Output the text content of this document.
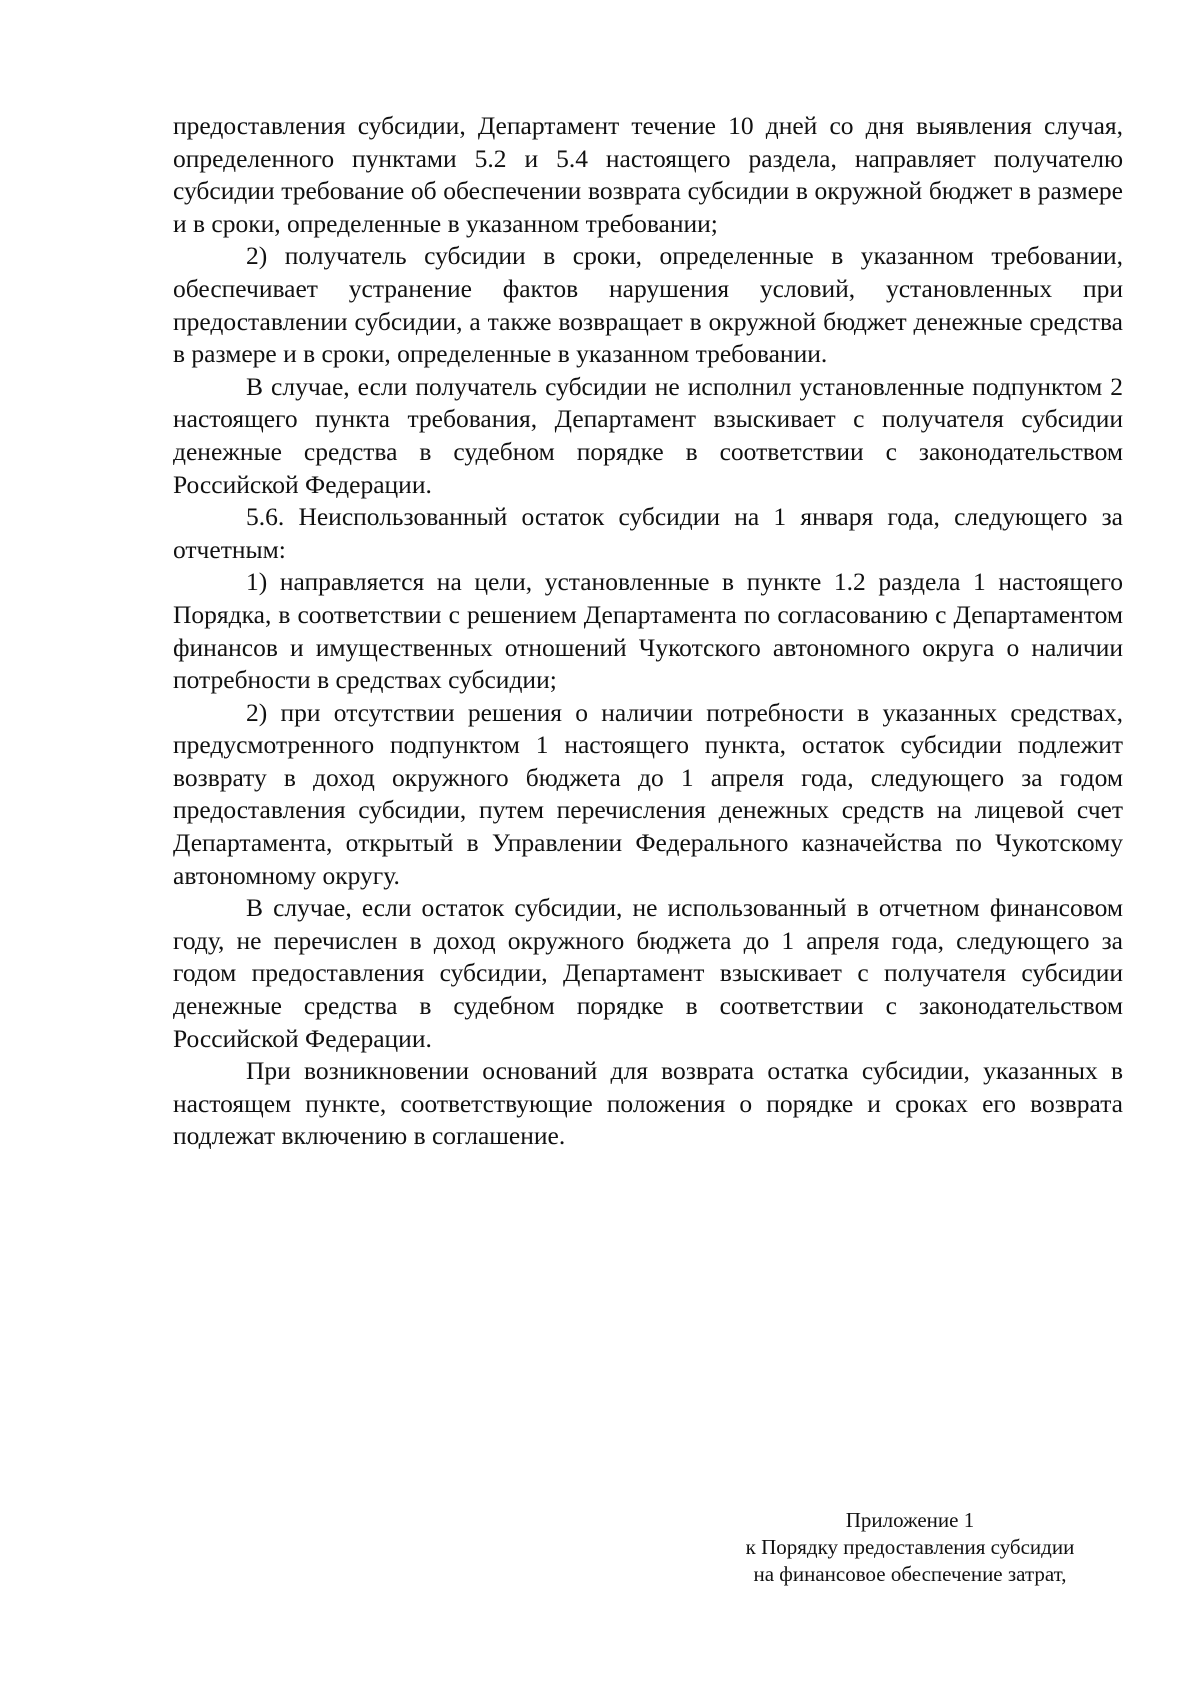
предоставления субсидии, Департамент течение 10 дней со дня выявления случая, определенного пунктами 5.2 и 5.4 настоящего раздела, направляет получателю субсидии требование об обеспечении возврата субсидии в окружной бюджет в размере и в сроки, определенные в указанном требовании;

2) получатель субсидии в сроки, определенные в указанном требовании, обеспечивает устранение фактов нарушения условий, установленных при предоставлении субсидии, а также возвращает в окружной бюджет денежные средства в размере и в сроки, определенные в указанном требовании.

В случае, если получатель субсидии не исполнил установленные подпунктом 2 настоящего пункта требования, Департамент взыскивает с получателя субсидии денежные средства в судебном порядке в соответствии с законодательством Российской Федерации.

5.6. Неиспользованный остаток субсидии на 1 января года, следующего за отчетным:

1) направляется на цели, установленные в пункте 1.2 раздела 1 настоящего Порядка, в соответствии с решением Департамента по согласованию с Департаментом финансов и имущественных отношений Чукотского автономного округа о наличии потребности в средствах субсидии;

2) при отсутствии решения о наличии потребности в указанных средствах, предусмотренного подпунктом 1 настоящего пункта, остаток субсидии подлежит возврату в доход окружного бюджета до 1 апреля года, следующего за годом предоставления субсидии, путем перечисления денежных средств на лицевой счет Департамента, открытый в Управлении Федерального казначейства по Чукотскому автономному округу.

В случае, если остаток субсидии, не использованный в отчетном финансовом году, не перечислен в доход окружного бюджета до 1 апреля года, следующего за годом предоставления субсидии, Департамент взыскивает с получателя субсидии денежные средства в судебном порядке в соответствии с законодательством Российской Федерации.

При возникновении оснований для возврата остатка субсидии, указанных в настоящем пункте, соответствующие положения о порядке и сроках его возврата подлежат включению в соглашение.

Приложение 1
к Порядку предоставления субсидии
на финансовое обеспечение затрат,
